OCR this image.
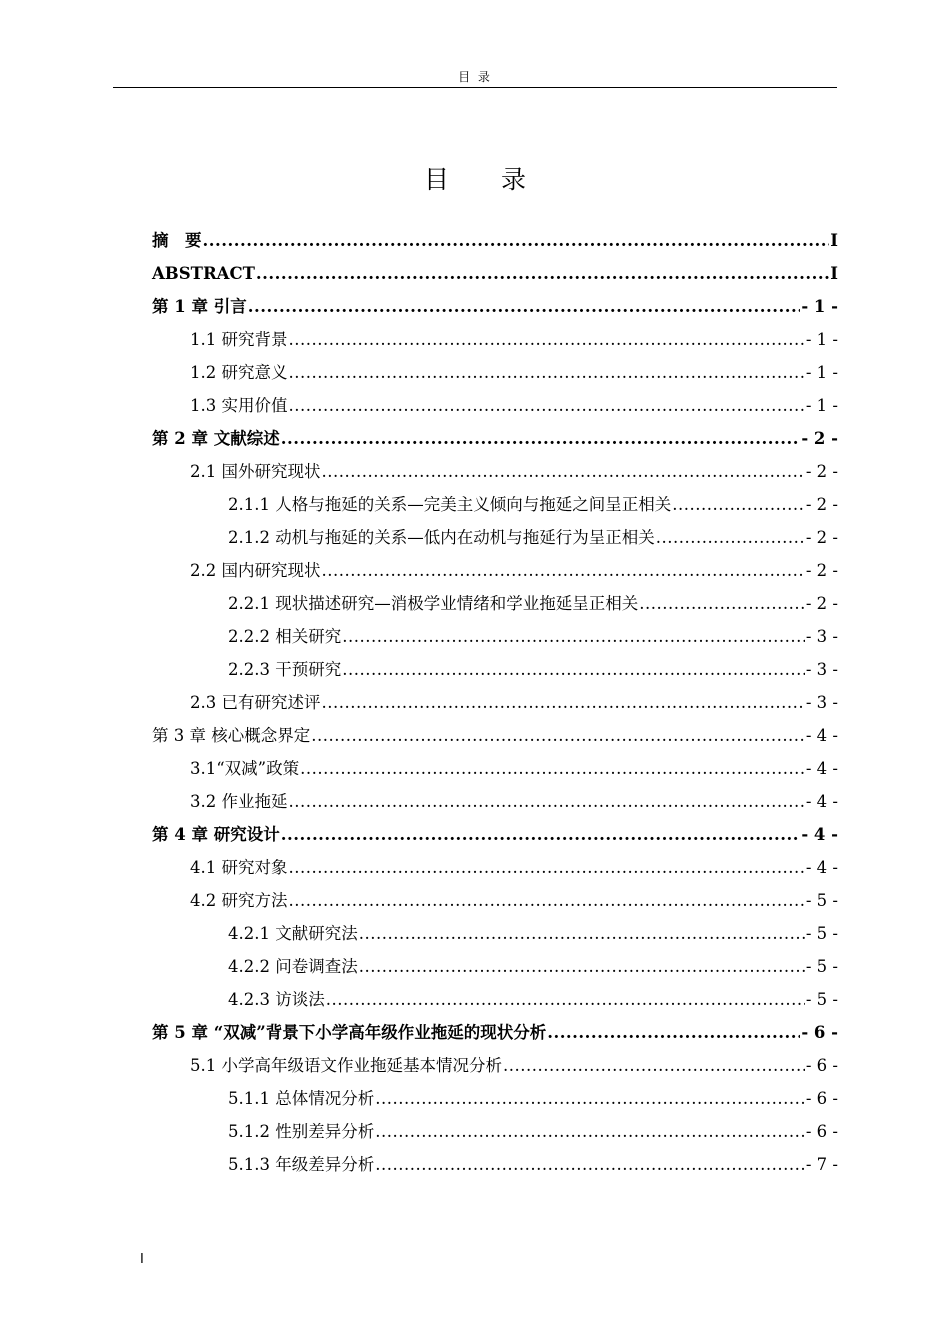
目 录
目 录
摘　要 .....	I
ABSTRACT .....	I
第 1 章 引言 .....	- 1 -
1.1 研究背景 .....	- 1 -
1.2 研究意义 .....	- 1 -
1.3 实用价值 .....	- 1 -
第 2 章 文献综述 .....	- 2 -
2.1 国外研究现状 .....	- 2 -
2.1.1 人格与拖延的关系—完美主义倾向与拖延之间呈正相关 .....	- 2 -
2.1.2 动机与拖延的关系—低内在动机与拖延行为呈正相关 .....	- 2 -
2.2 国内研究现状 .....	- 2 -
2.2.1 现状描述研究—消极学业情绪和学业拖延呈正相关 .....	- 2 -
2.2.2 相关研究 .....	- 3 -
2.2.3 干预研究 .....	- 3 -
2.3 已有研究述评 .....	- 3 -
第 3 章 核心概念界定 .....	- 4 -
3.1“双减”政策 .....	- 4 -
3.2 作业拖延 .....	- 4 -
第 4 章 研究设计 .....	- 4 -
4.1 研究对象 .....	- 4 -
4.2 研究方法 .....	- 5 -
4.2.1 文献研究法 .....	- 5 -
4.2.2 问卷调查法 .....	- 5 -
4.2.3 访谈法 .....	- 5 -
第 5 章 “双减”背景下小学高年级作业拖延的现状分析 .....	- 6 -
5.1 小学高年级语文作业拖延基本情况分析 .....	- 6 -
5.1.1 总体情况分析 .....	- 6 -
5.1.2 性别差异分析 .....	- 6 -
5.1.3 年级差异分析 .....	- 7 -
I
